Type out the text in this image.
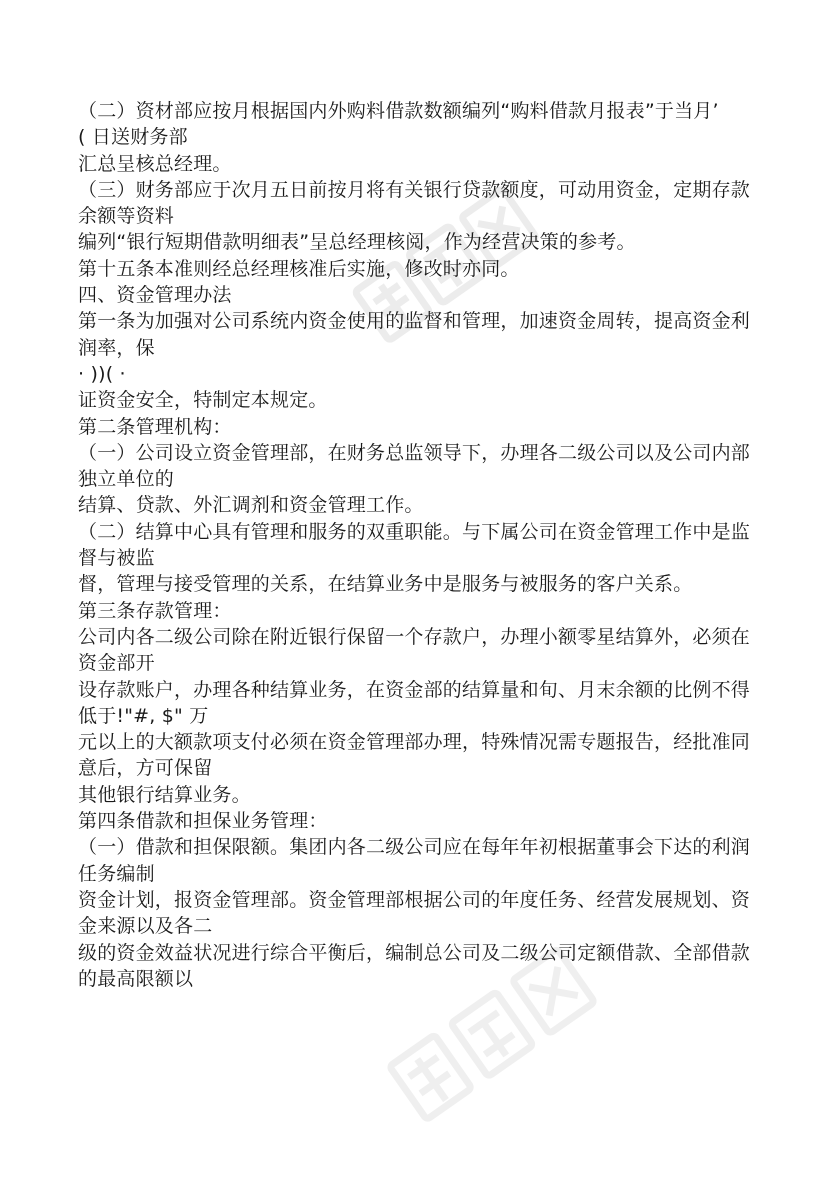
（二）资材部应按月根据国内外购料借款数额编列“购料借款月报表”于当月’
( 日送财务部
汇总呈核总经理。
（三）财务部应于次月五日前按月将有关银行贷款额度，可动用资金，定期存款
余额等资料
编列“银行短期借款明细表”呈总经理核阅，作为经营决策的参考。
第十五条本准则经总经理核准后实施，修改时亦同。
四、资金管理办法
第一条为加强对公司系统内资金使用的监督和管理，加速资金周转，提高资金利
润率，保
· ))( ·
证资金安全，特制定本规定。
第二条管理机构：
（一）公司设立资金管理部，在财务总监领导下，办理各二级公司以及公司内部
独立单位的
结算、贷款、外汇调剂和资金管理工作。
（二）结算中心具有管理和服务的双重职能。与下属公司在资金管理工作中是监
督与被监
督，管理与接受管理的关系，在结算业务中是服务与被服务的客户关系。
第三条存款管理：
公司内各二级公司除在附近银行保留一个存款户，办理小额零星结算外，必须在
资金部开
设存款账户，办理各种结算业务，在资金部的结算量和旬、月末余额的比例不得
低于!"#, $" 万
元以上的大额款项支付必须在资金管理部办理，特殊情况需专题报告，经批准同
意后，方可保留
其他银行结算业务。
第四条借款和担保业务管理：
（一）借款和担保限额。集团内各二级公司应在每年年初根据董事会下达的利润
任务编制
资金计划，报资金管理部。资金管理部根据公司的年度任务、经营发展规划、资
金来源以及各二
级的资金效益状况进行综合平衡后，编制总公司及二级公司定额借款、全部借款
的最高限额以
